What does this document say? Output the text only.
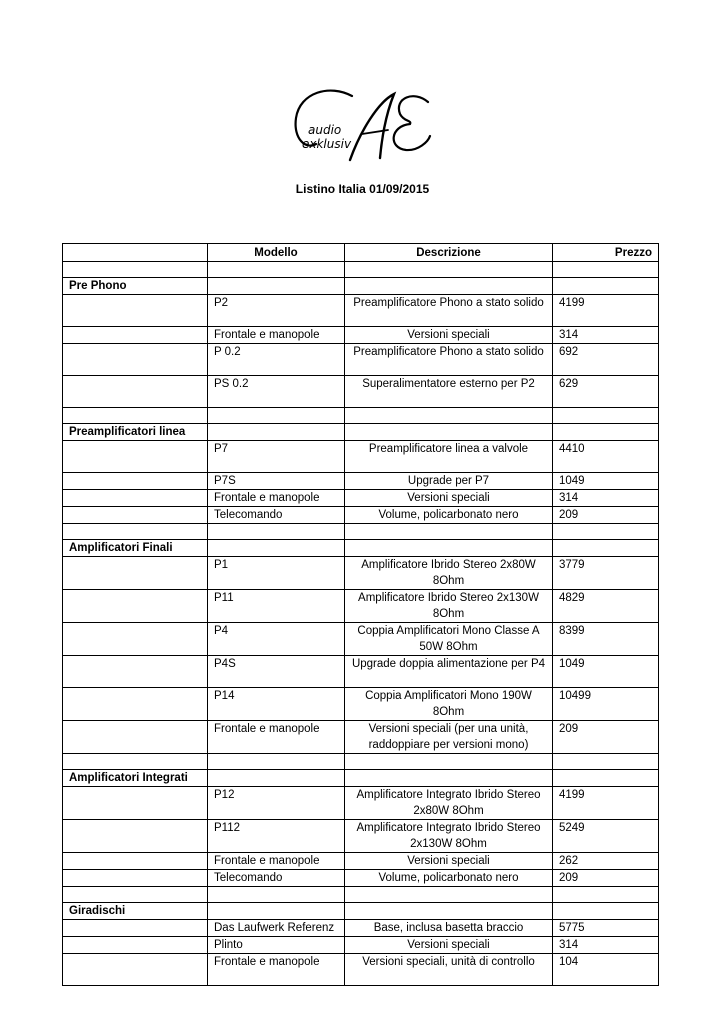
audio
exklusiv
Listino Italia 01/09/2015
	Modello	Descrizione	Prezzo

Pre Phono			
	P2	Preamplificatore Phono a stato solido	4199
	Frontale e manopole	Versioni speciali	314
	P 0.2	Preamplificatore Phono a stato solido	692
	PS 0.2	Superalimentatore esterno per P2	629

Preamplificatori linea			
	P7	Preamplificatore linea a valvole	4410
	P7S	Upgrade per P7	1049
	Frontale e manopole	Versioni speciali	314
	Telecomando	Volume, policarbonato nero	209

Amplificatori Finali			
	P1	Amplificatore Ibrido Stereo 2x80W 8Ohm	3779
	P11	Amplificatore Ibrido Stereo 2x130W 8Ohm	4829
	P4	Coppia Amplificatori Mono Classe A 50W 8Ohm	8399
	P4S	Upgrade doppia alimentazione per P4	1049
	P14	Coppia Amplificatori Mono 190W 8Ohm	10499
	Frontale e manopole	Versioni speciali (per una unità, raddoppiare per versioni mono)	209

Amplificatori Integrati			
	P12	Amplificatore Integrato Ibrido Stereo 2x80W 8Ohm	4199
	P112	Amplificatore Integrato Ibrido Stereo 2x130W 8Ohm	5249
	Frontale e manopole	Versioni speciali	262
	Telecomando	Volume, policarbonato nero	209

Giradischi			
	Das Laufwerk Referenz	Base, inclusa basetta braccio	5775
	Plinto	Versioni speciali	314
	Frontale e manopole	Versioni speciali, unità di controllo	104
